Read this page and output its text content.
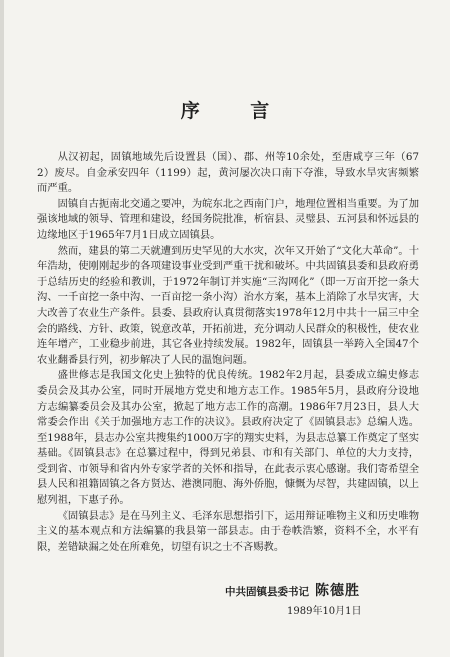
序 言

从汉初起，固镇地域先后设置县（国）、郡、州等10余处，至唐咸亨三年（672）废尽。自金承安四年（1199）起，黄河屡次决口南下夺淮，导致水旱灾害频繁而严重。

固镇自古扼南北交通之要冲，为皖东北之西南门户，地理位置相当重要。为了加强该地域的领导、管理和建设，经国务院批准，析宿县、灵璧县、五河县和怀远县的边缘地区于1965年7月1日成立固镇县。

然而，建县的第二天就遭到历史罕见的大水灾，次年又开始了“文化大革命”。十年浩劫，使刚刚起步的各项建设事业受到严重干扰和破坏。中共固镇县委和县政府勇于总结历史的经验和教训，于1972年制订并实施“三沟网化”（即一万亩开挖一条大沟、一千亩挖一条中沟、一百亩挖一条小沟）治水方案，基本上消除了水旱灾害，大大改善了农业生产条件。县委、县政府认真贯彻落实1978年12月中共十一届三中全会的路线、方针、政策，锐意改革，开拓前进，充分调动人民群众的积极性，使农业连年增产，工业稳步前进，其它各业持续发展。1982年，固镇县一举跨入全国47个农业翻番县行列，初步解决了人民的温饱问题。

盛世修志是我国文化史上独特的优良传统。1982年2月起，县委成立编史修志委员会及其办公室，同时开展地方党史和地方志工作。1985年5月，县政府分设地方志编纂委员会及其办公室，掀起了地方志工作的高潮。1986年7月23日，县人大常委会作出《关于加强地方志工作的决议》。县政府决定了《固镇县志》总编人选。至1988年，县志办公室共搜集约1000万字的翔实史料，为县志总纂工作奠定了坚实基础。《固镇县志》在总纂过程中，得到兄弟县、市和有关部门、单位的大力支持，受到省、市领导和省内外专家学者的关怀和指导，在此表示衷心感谢。我们寄希望全县人民和祖籍固镇之各方贤达、港澳同胞、海外侨胞，慷慨为尽智，共建固镇，以上慰列祖，下惠子孙。

《固镇县志》是在马列主义、毛泽东思想指引下，运用辩证唯物主义和历史唯物主义的基本观点和方法编纂的我县第一部县志。由于卷帙浩繁，资料不全，水平有限，差错缺漏之处在所难免，切望有识之士不吝赐教。

中共固镇县委书记 陈德胜
1989年10月1日
